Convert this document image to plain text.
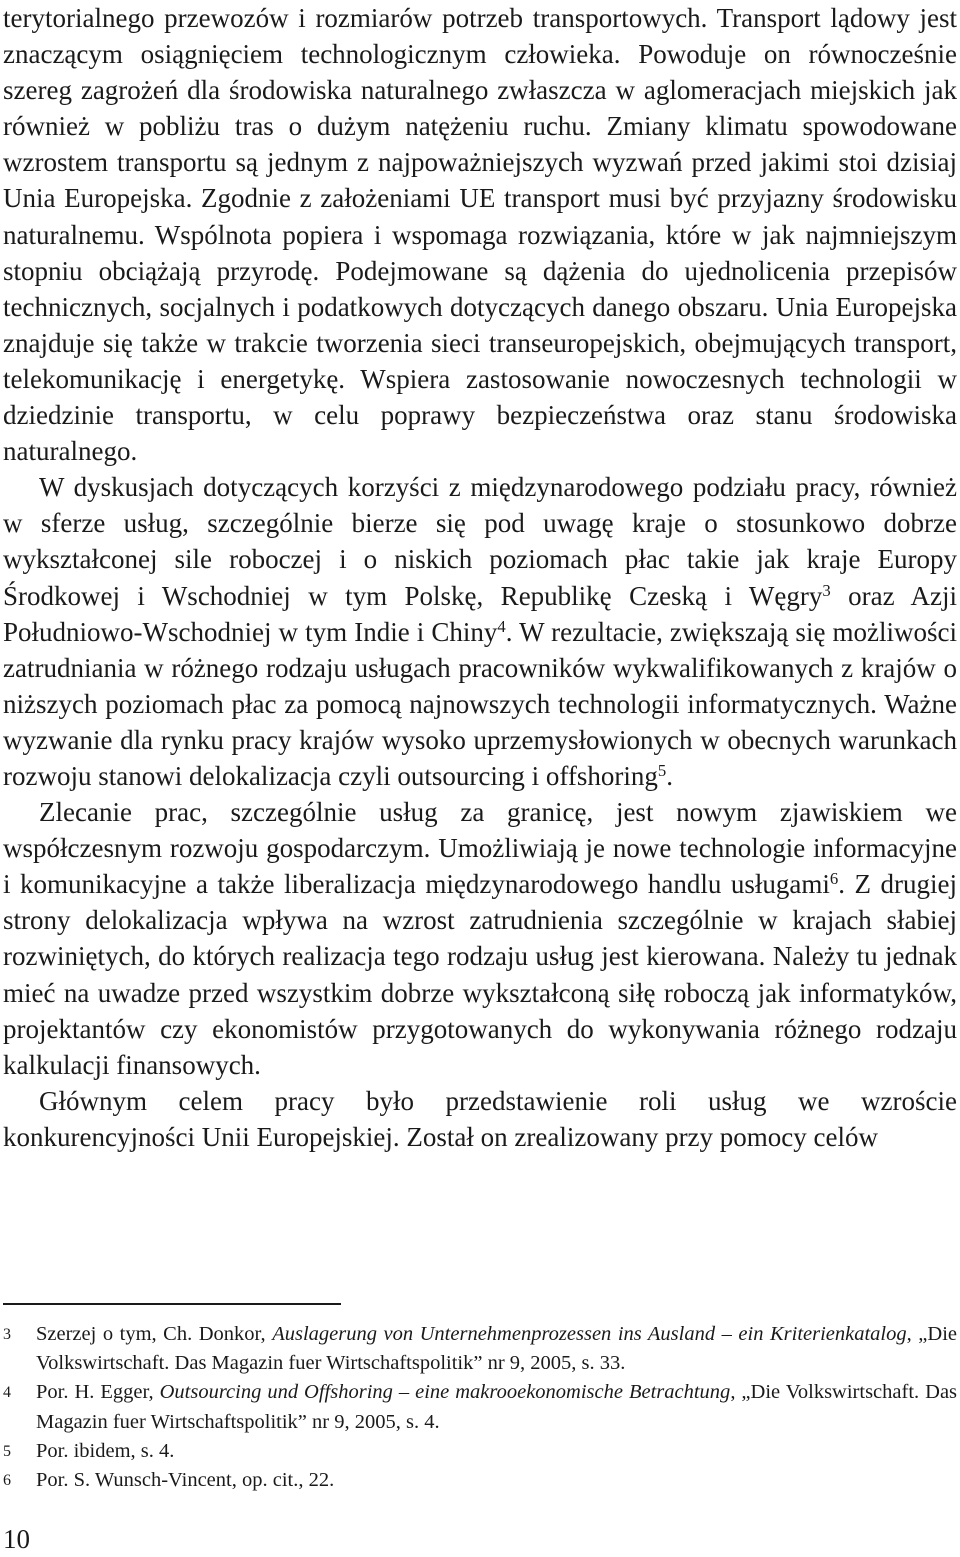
terytorialnego przewozów i rozmiarów potrzeb transportowych. Transport lądowy jest znaczącym osiągnięciem technologicznym człowieka. Powoduje on równocześnie szereg zagrożeń dla środowiska naturalnego zwłaszcza w aglomeracjach miejskich jak również w pobliżu tras o dużym natężeniu ruchu. Zmiany klimatu spowodowane wzrostem transportu są jednym z najpoważniejszych wyzwań przed jakimi stoi dzisiaj Unia Europejska. Zgodnie z założeniami UE transport musi być przyjazny środowisku naturalnemu. Wspólnota popiera i wspomaga rozwiązania, które w jak najmniejszym stopniu obciążają przyrodę. Podejmowane są dążenia do ujednolicenia przepisów technicznych, socjalnych i podatkowych dotyczących danego obszaru. Unia Europejska znajduje się także w trakcie tworzenia sieci transeuropejskich, obejmujących transport, telekomunikację i energetykę. Wspiera zastosowanie nowoczesnych technologii w dziedzinie transportu, w celu poprawy bezpieczeństwa oraz stanu środowiska naturalnego.

W dyskusjach dotyczących korzyści z międzynarodowego podziału pracy, również w sferze usług, szczególnie bierze się pod uwagę kraje o stosunkowo dobrze wykształconej sile roboczej i o niskich poziomach płac takie jak kraje Europy Środkowej i Wschodniej w tym Polskę, Republikę Czeską i Węgry$^3$ oraz Azji Południowo-Wschodniej w tym Indie i Chiny$^4$. W rezultacie, zwiększają się możliwości zatrudniania w różnego rodzaju usługach pracowników wykwalifikowanych z krajów o niższych poziomach płac za pomocą najnowszych technologii informatycznych. Ważne wyzwanie dla rynku pracy krajów wysoko uprzemysłowionych w obecnych warunkach rozwoju stanowi delokalizacja czyli outsourcing i offshoring$^5$.

Zlecanie prac, szczególnie usług za granicę, jest nowym zjawiskiem we współczesnym rozwoju gospodarczym. Umożliwiają je nowe technologie informacyjne i komunikacyjne a także liberalizacja międzynarodowego handlu usługami$^6$. Z drugiej strony delokalizacja wpływa na wzrost zatrudnienia szczególnie w krajach słabiej rozwiniętych, do których realizacja tego rodzaju usług jest kierowana. Należy tu jednak mieć na uwadze przed wszystkim dobrze wykształconą siłę roboczą jak informatyków, projektantów czy ekonomistów przygotowanych do wykonywania różnego rodzaju kalkulacji finansowych.

Głównym celem pracy było przedstawienie roli usług we wzroście konkurencyjności Unii Europejskiej. Został on zrealizowany przy pomocy celów

3	Szerzej o tym, Ch. Donkor, Auslagerung von Unternehmenprozessen ins Ausland – ein Kriterienkatalog, „Die Volkswirtschaft. Das Magazin fuer Wirtschaftspolitik” nr 9, 2005, s. 33.
4	Por. H. Egger, Outsourcing und Offshoring – eine makrooekonomische Betrachtung, „Die Volkswirtschaft. Das Magazin fuer Wirtschaftspolitik” nr 9, 2005, s. 4.
5	Por. ibidem, s. 4.
6	Por. S. Wunsch-Vincent, op. cit., 22.
10
